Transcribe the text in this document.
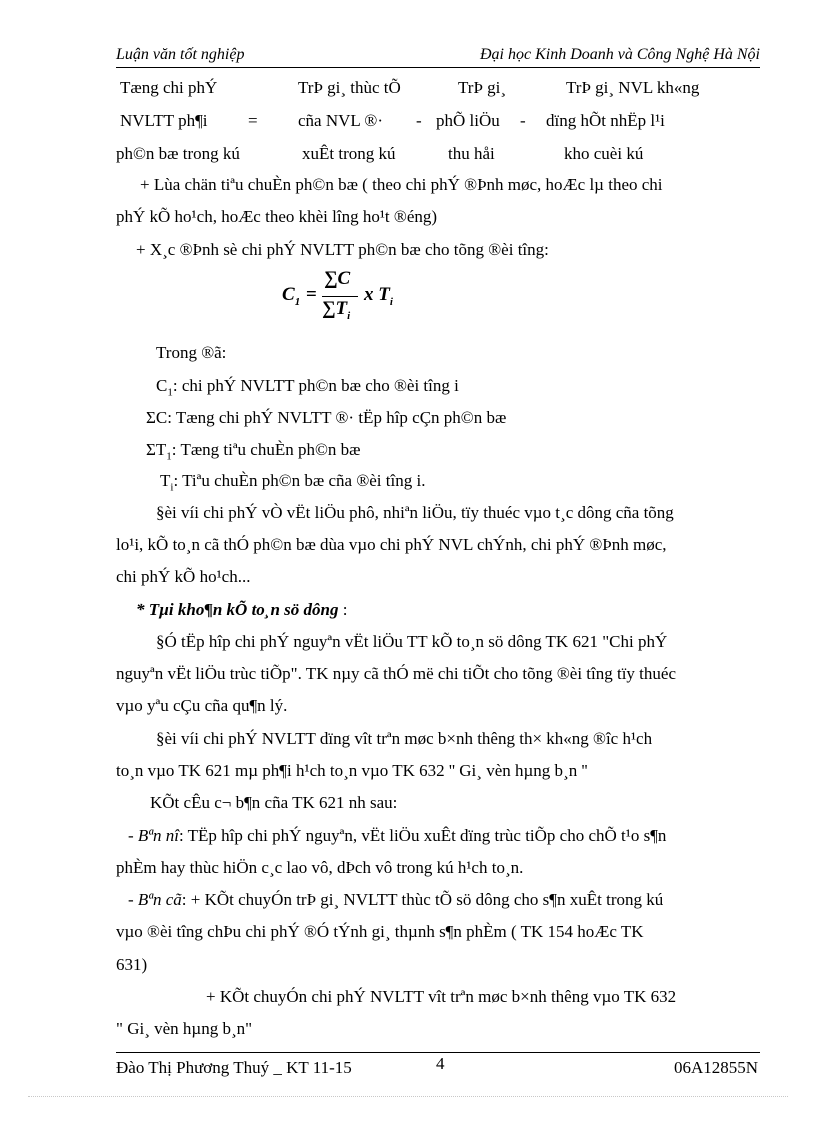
Luận văn tốt nghiệp	Đại học Kinh Doanh và Công Nghệ Hà Nội
Tæng chi phÝ	TrÞ gi¸ thùc tÕ	TrÞ gi¸	TrÞ gi¸ NVL kh«ng
NVLTT ph¶i = cña NVL ®· - phÕ liÖu - dïng hÕt nhËp l¹i
ph©n bæ trong kú	xuÊt trong kú	thu håi	kho cuèi kú
+ Lùa chän tiªu chuÈn ph©n bæ ( theo chi phÝ ®Þnh møc, hoÆc lµ theo chi
phÝ kÕ ho¹ch, hoÆc theo khèi lîng ho¹t ®éng)
+ X¸c ®Þnh sè chi phÝ NVLTT ph©n bæ cho tõng ®èi tîng:
$C_1$ =
∑C
$\sum T_i$
x $T_i$
Trong ®ã:
$C_1$: chi phÝ NVLTT ph©n bæ cho ®èi tîng i
ΣC: Tæng chi phÝ NVLTT ®· tËp hîp cÇn ph©n bæ
$\Sigma T_1$: Tæng tiªu chuÈn ph©n bæ
$T_i$: Tiªu chuÈn ph©n bæ cña ®èi tîng i.
§èi víi chi phÝ vÒ vËt liÖu phô, nhiªn liÖu, tïy thuéc vµo t¸c dông cña tõng
lo¹i, kÕ to¸n cã thÓ ph©n bæ dùa vµo chi phÝ NVL chÝnh, chi phÝ ®Þnh møc,
chi phÝ kÕ ho¹ch...
* Tµi kho¶n kÕ to¸n sö dông :
§Ó tËp hîp chi phÝ nguyªn vËt liÖu TT kÕ to¸n sö dông TK 621 "Chi phÝ
nguyªn vËt liÖu trùc tiÕp". TK nµy cã thÓ më chi tiÕt cho tõng ®èi tîng tïy thuéc
vµo yªu cÇu cña qu¶n lý.
§èi víi chi phÝ NVLTT dïng vît trªn møc b×nh thêng th× kh«ng ®îc h¹ch
to¸n vµo TK 621 mµ ph¶i h¹ch to¸n vµo TK 632 '' Gi¸ vèn hµng b¸n ''
KÕt cÊu c¬ b¶n cña TK 621 nh sau:
- Bªn nî: TËp hîp chi phÝ nguyªn, vËt liÖu xuÊt dïng trùc tiÕp cho chÕ t¹o s¶n
phÈm hay thùc hiÖn c¸c lao vô, dÞch vô trong kú h¹ch to¸n.
- Bªn cã: + KÕt chuyÓn trÞ gi¸ NVLTT thùc tÕ sö dông cho s¶n xuÊt trong kú
vµo ®èi tîng chÞu chi phÝ ®Ó tÝnh gi¸ thµnh s¶n phÈm ( TK 154 hoÆc TK
631)
+ KÕt chuyÓn chi phÝ NVLTT vît trªn møc b×nh thêng vµo TK 632
" Gi¸ vèn hµng b¸n"
Đào Thị Phương Thuý _ KT 11-15	4	06A12855N
